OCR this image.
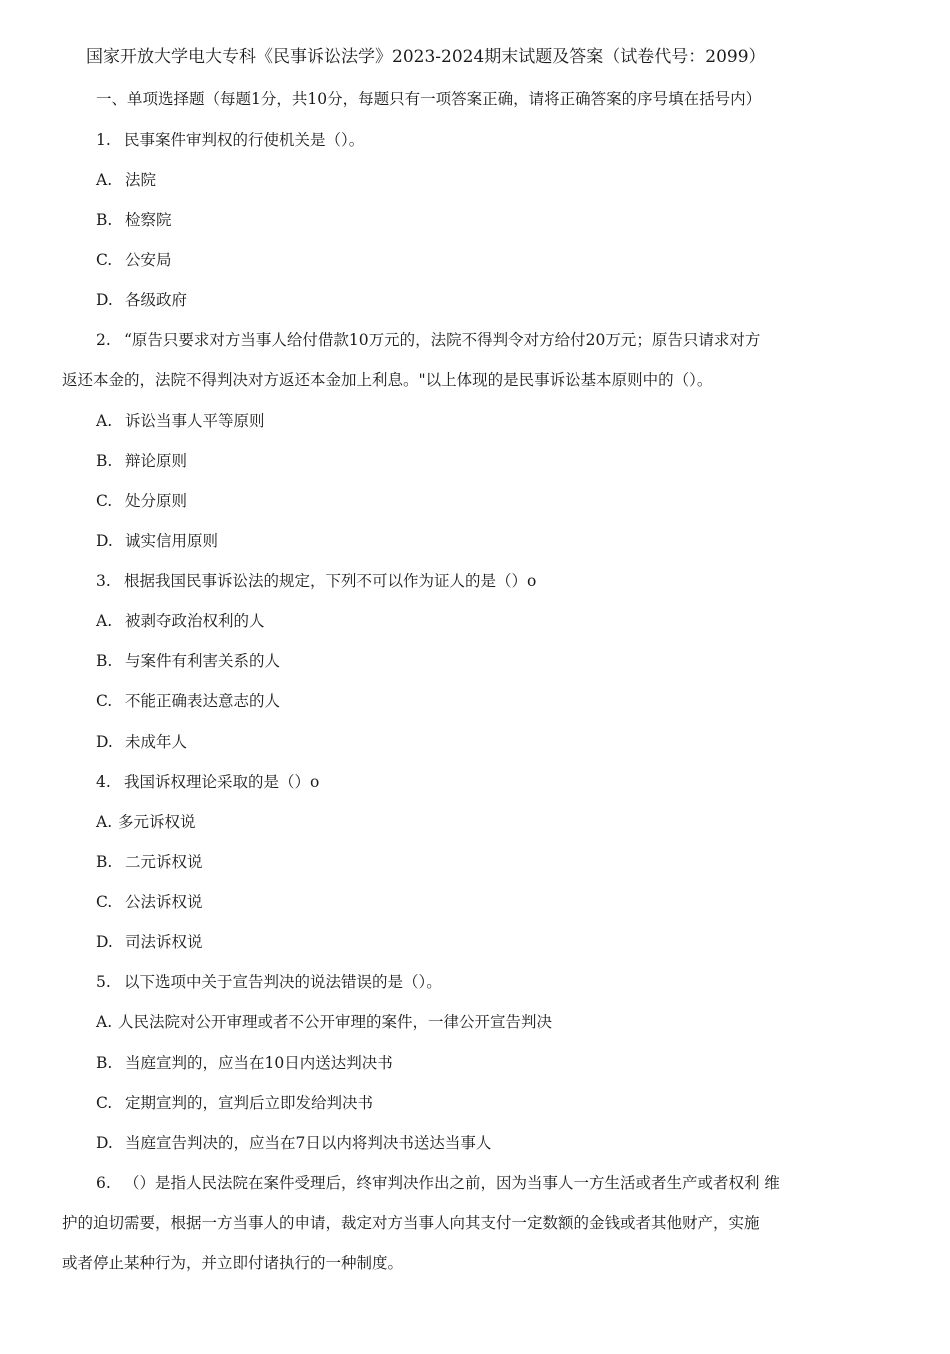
国家开放大学电大专科《民事诉讼法学》2023-2024期末试题及答案（试卷代号：2099）
一、单项选择题（每题1分，共10分，每题只有一项答案正确，请将正确答案的序号填在括号内）
1. 民事案件审判权的行使机关是（）。
A. 法院
B. 检察院
C. 公安局
D. 各级政府
2. “原告只要求对方当事人给付借款10万元的，法院不得判令对方给付20万元；原告只请求对方
返还本金的，法院不得判决对方返还本金加上利息。"以上体现的是民事诉讼基本原则中的（）。
A. 诉讼当事人平等原则
B. 辩论原则
C. 处分原则
D. 诚实信用原则
3. 根据我国民事诉讼法的规定，下列不可以作为证人的是（）o
A. 被剥夺政治权利的人
B. 与案件有利害关系的人
C. 不能正确表达意志的人
D. 未成年人
4. 我国诉权理论采取的是（）o
A. 多元诉权说
B. 二元诉权说
C. 公法诉权说
D. 司法诉权说
5. 以下选项中关于宣告判决的说法错误的是（）。
A. 人民法院对公开审理或者不公开审理的案件，一律公开宣告判决
B. 当庭宣判的，应当在10日内送达判决书
C. 定期宣判的，宣判后立即发给判决书
D. 当庭宣告判决的，应当在7日以内将判决书送达当事人
6. （）是指人民法院在案件受理后，终审判决作出之前，因为当事人一方生活或者生产或者权利 维
护的迫切需要，根据一方当事人的申请，裁定对方当事人向其支付一定数额的金钱或者其他财产，实施
或者停止某种行为，并立即付诸执行的一种制度。
